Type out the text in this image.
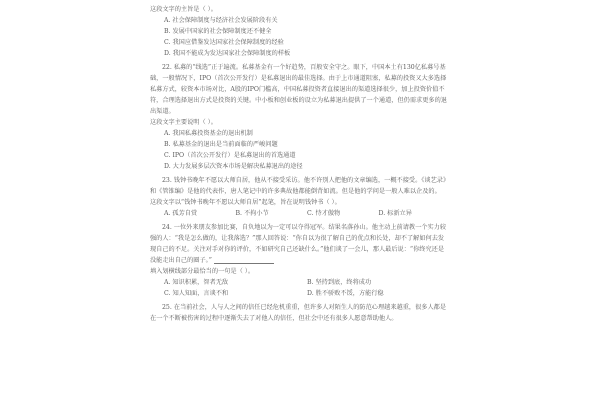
这段文字的主旨是（ ）。
A. 社会保障制度与经济社会发展阶段有关
B. 发展中国家的社会保障制度还不健全
C. 我国应借鉴发达国家社会保障制度的经验
D. 我国不能成为发达国家社会保障制度的样板
22. 私募的“线选”正于遍流。私募基金有一个好趋势，百般安全守之。眼下，中国本土有130亿私募号基础，一般情况下，IPO（首次公开发行）是私募退出的最佳选择。由于上市通道阻塞，私募的投资又大多选择私募方式，较资本市场对比，A股的IPO门槛高，中国私募投资者直接退出的渠道选择很少，加上投资价值不符，合理选择退出方式是投资的关键。中小板和创业板的设立为私募退出提供了一个通道，但仍需求更多的退出渠道。
这段文字主要说明（ ）。
A. 我国私募投资基金的退出机制
B. 私募基金的退出是当前面临的严峻问题
C. IPO（首次公开发行）是私募退出的首选通道
D. 大力发展多层次资本市场是解决私募退出的途径
23. 钱钟书晚年不愿以大师自居，他从不接受采访。他不许别人把他的文章编选，一概不接受。《谈艺录》和《管锥编》是他的代表作，唐人笔记中的许多典故他都能倒背如流。但是他的学问是一般人难以企及的。
这段文字以“钱钟书晚年不愿以大师自居”起笔，旨在说明钱钟书（ ）。
A. 孤芳自赏	B. 不拘小节	C. 恃才傲物	D. 标新立异
24. 一位外来朋友参加比赛，自负地以为一定可以夺得冠军。结果名落孙山。他主动上前请教一个实力较强的人：“我是怎么做的，让我落选？”那人回答说：“你自以为很了解自己的优点和长处，却不了解如何去发现自己的不足。关注对手对你的评价，不如研究自己还缺什么。”他们谈了一会儿，那人最后说：“你终究还是没能走出自己的圈子。”
填入划横线部分最恰当的一句是（ ）。
A. 知识积累，智者无敌	B. 坚持到底，终将成功
C. 知人知面，言谈不和	D. 胜不骄败不馁，方能行稳
25. 在当前社会，人与人之间的信任已经危机重重，但许多人对陌生人的防范心理越来越重，很多人都是在一个不断被伤害的过程中逐渐失去了对他人的信任，但社会中还有很多人愿意帮助他人。
